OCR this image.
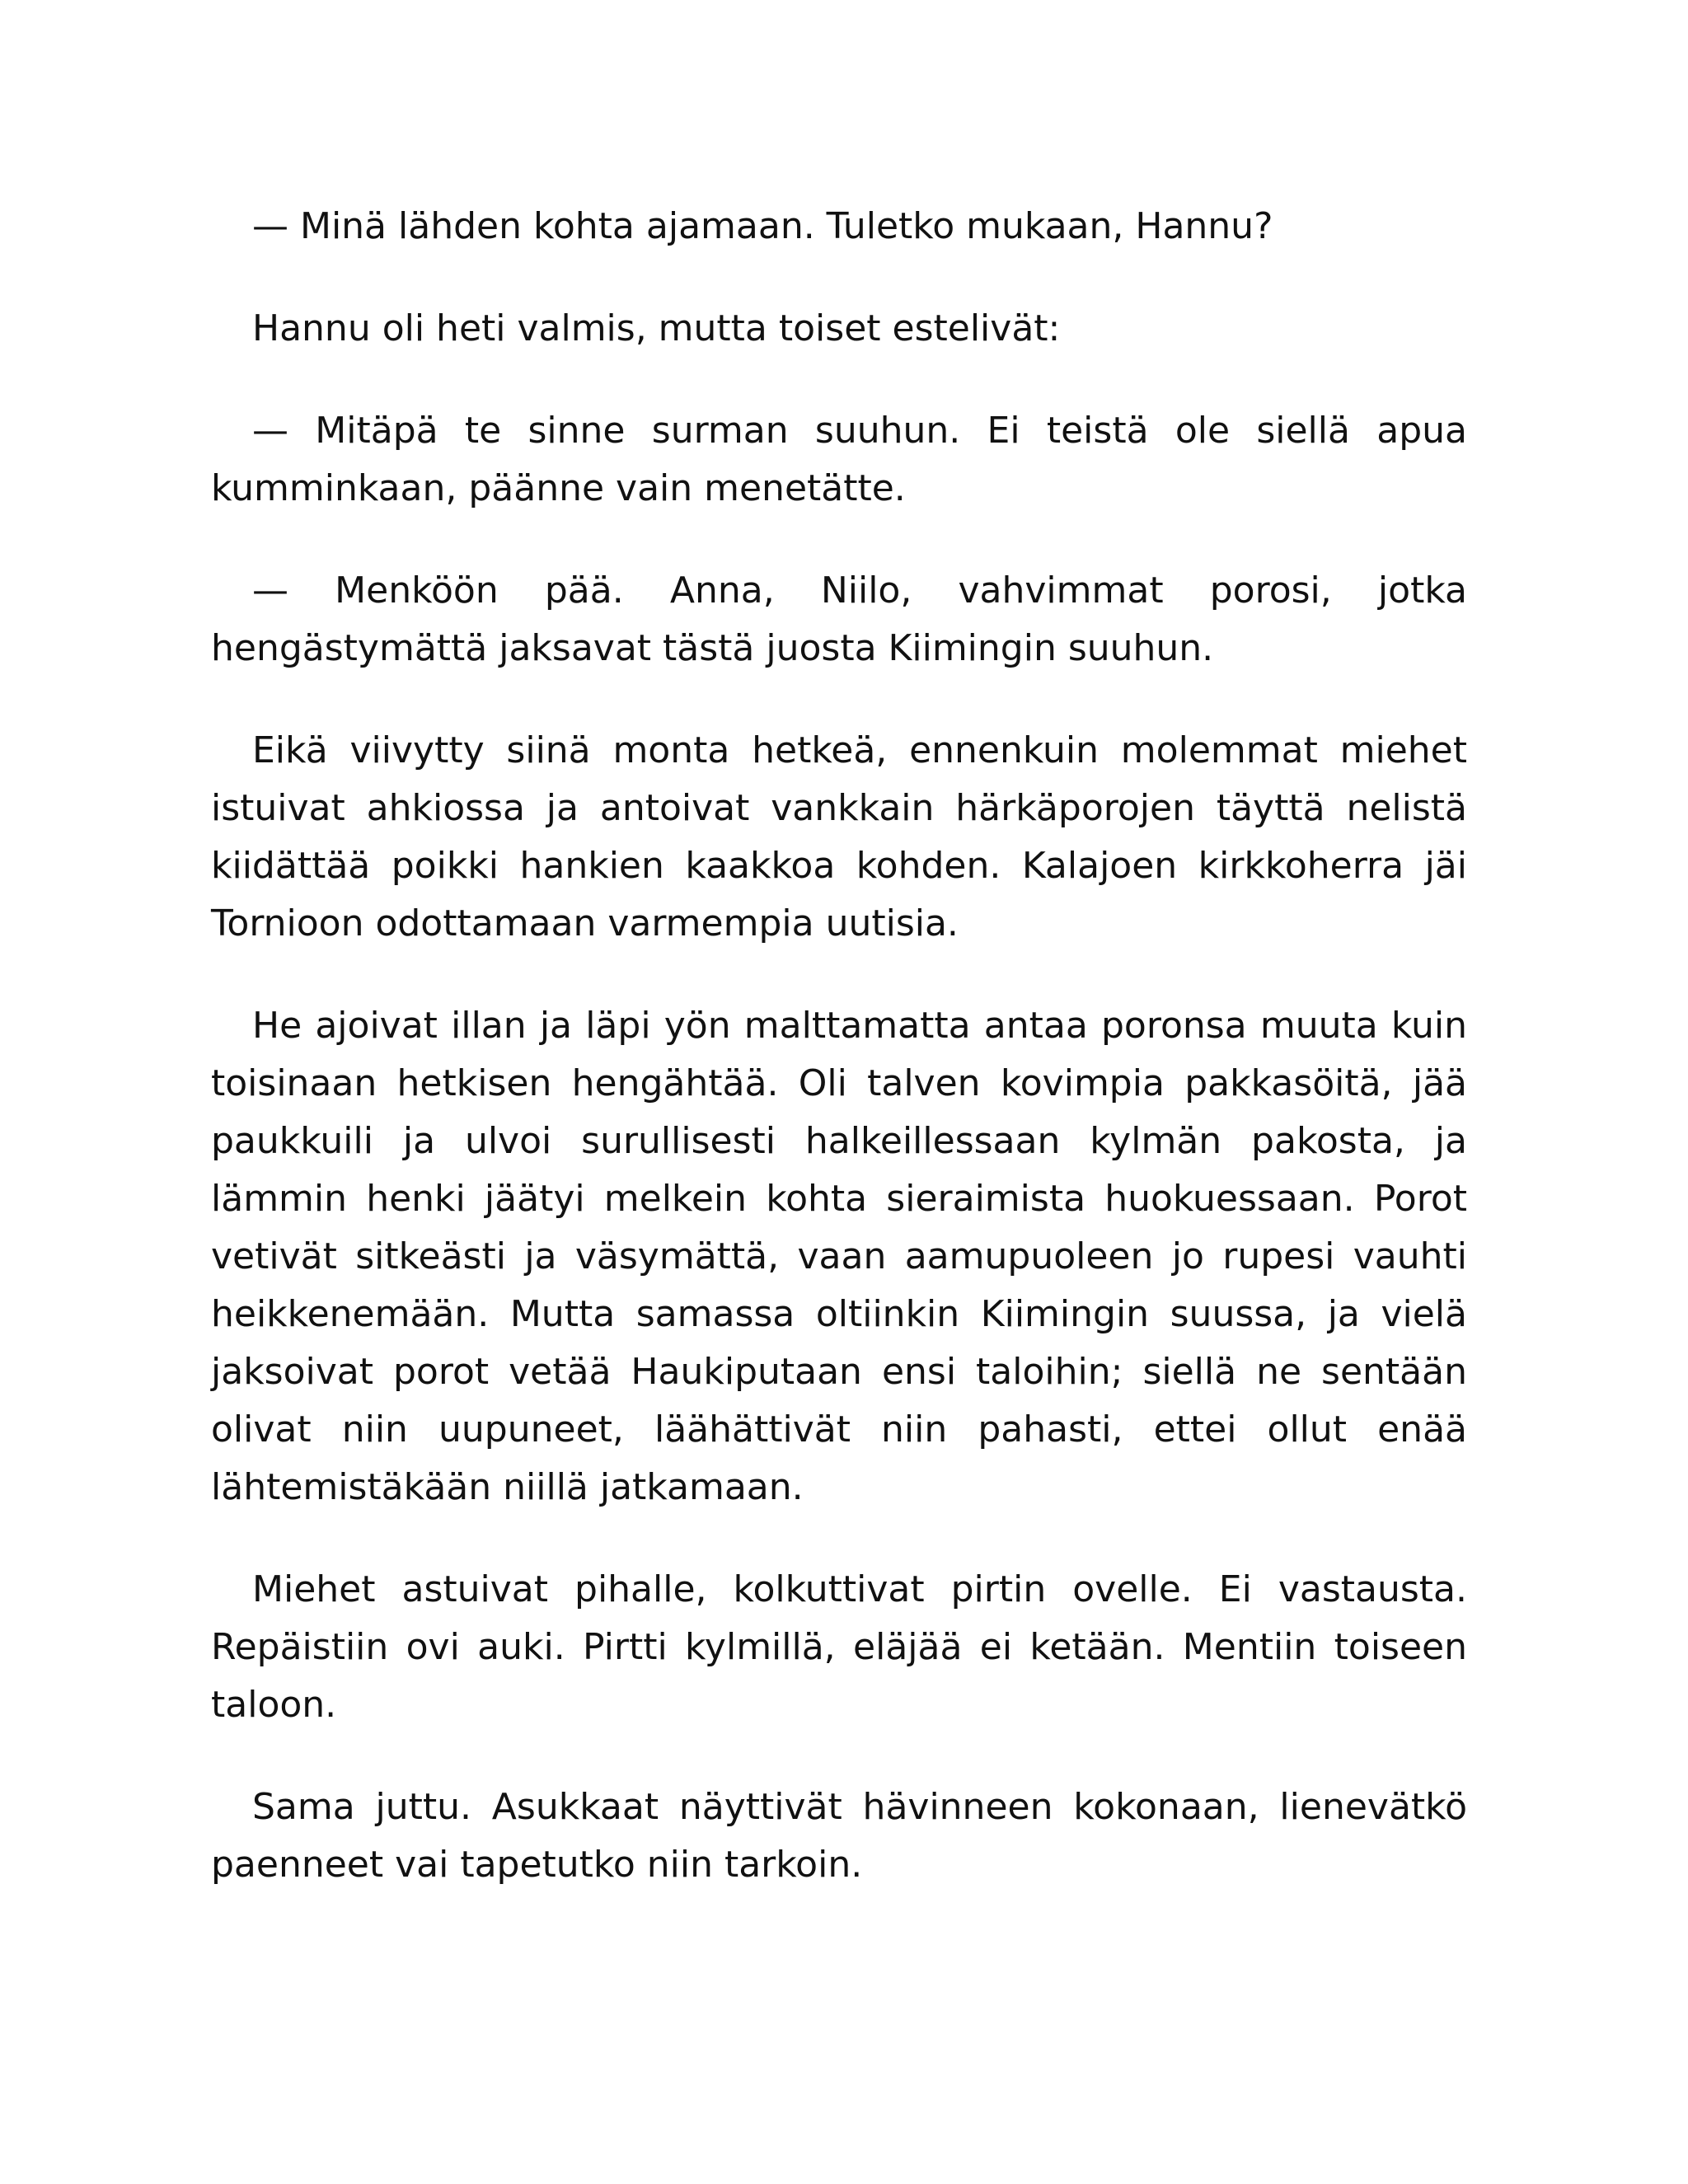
— Minä lähden kohta ajamaan. Tuletko mukaan, Hannu?

Hannu oli heti valmis, mutta toiset estelivät:

— Mitäpä te sinne surman suuhun. Ei teistä ole siellä apua kumminkaan, päänne vain menetätte.

— Menköön pää. Anna, Niilo, vahvimmat porosi, jotka hengästymättä jaksavat tästä juosta Kiimingin suuhun.

Eikä viivytty siinä monta hetkeä, ennenkuin molemmat miehet istuivat ahkiossa ja antoivat vankkain härkäporojen täyttä nelistä kiidättää poikki hankien kaakkoa kohden. Kalajoen kirkkoherra jäi Tornioon odottamaan varmempia uutisia.

He ajoivat illan ja läpi yön malttamatta antaa poronsa muuta kuin toisinaan hetkisen hengähtää. Oli talven kovimpia pakkasöitä, jää paukkuili ja ulvoi surullisesti halkeillessaan kylmän pakosta, ja lämmin henki jäätyi melkein kohta sieraimista huokuessaan. Porot vetivät sitkeästi ja väsymättä, vaan aamupuoleen jo rupesi vauhti heikkenemään. Mutta samassa oltiinkin Kiimingin suussa, ja vielä jaksoivat porot vetää Haukiputaan ensi taloihin; siellä ne sentään olivat niin uupuneet, läähättivät niin pahasti, ettei ollut enää lähtemistäkään niillä jatkamaan.

Miehet astuivat pihalle, kolkuttivat pirtin ovelle. Ei vastausta. Repäistiin ovi auki. Pirtti kylmillä, eläjää ei ketään. Mentiin toiseen taloon.

Sama juttu. Asukkaat näyttivät hävinneen kokonaan, lienevätkö paenneet vai tapetutko niin tarkoin.
